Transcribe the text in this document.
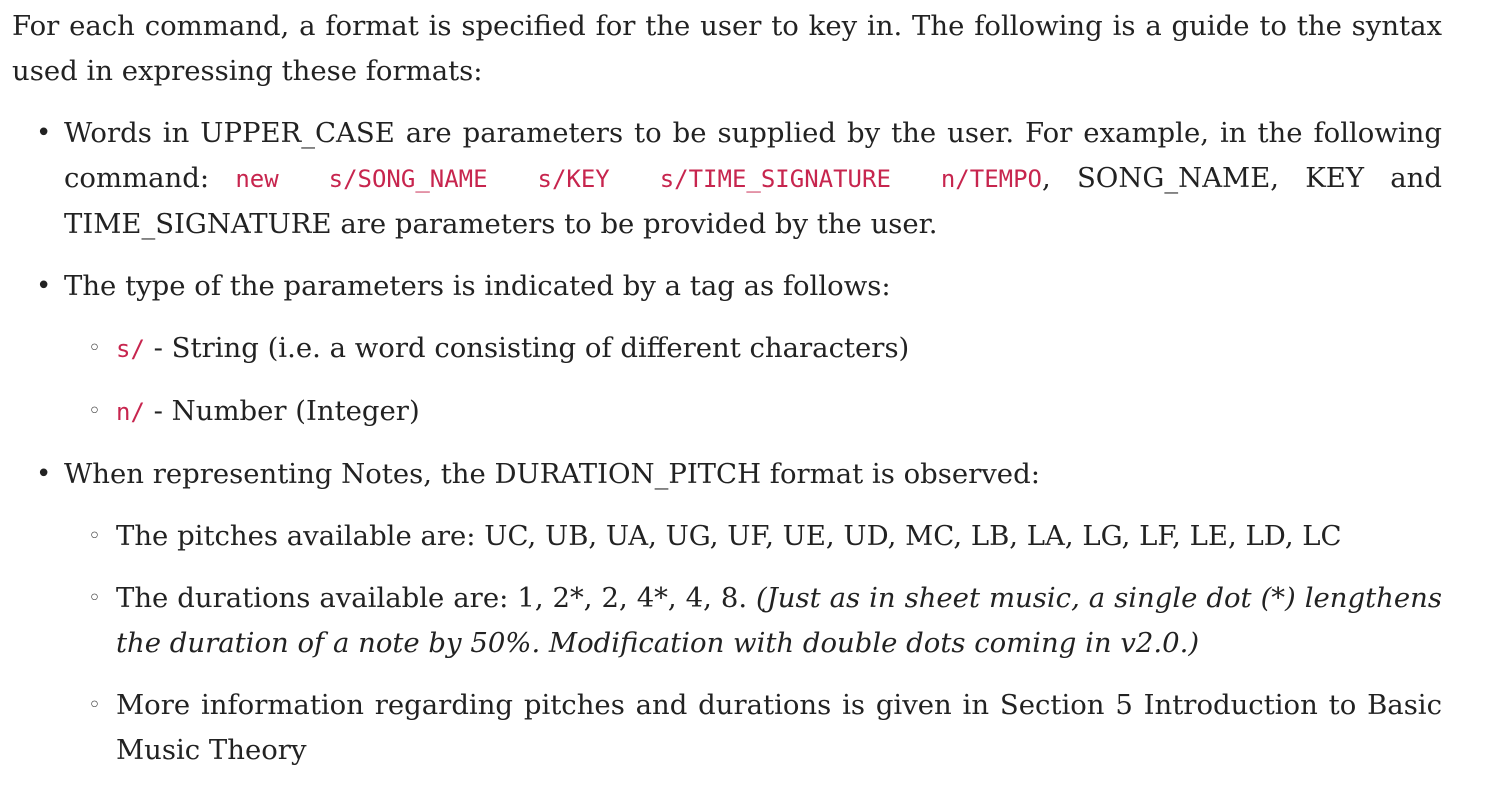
For each command, a format is specified for the user to key in. The following is a guide to the syntax used in expressing these formats:

• Words in UPPER_CASE are parameters to be supplied by the user. For example, in the following command: new s/SONG_NAME s/KEY s/TIME_SIGNATURE n/TEMPO, SONG_NAME, KEY and TIME_SIGNATURE are parameters to be provided by the user.
• The type of the parameters is indicated by a tag as follows:
◦ s/ - String (i.e. a word consisting of different characters)
◦ n/ - Number (Integer)
• When representing Notes, the DURATION_PITCH format is observed:
◦ The pitches available are: UC, UB, UA, UG, UF, UE, UD, MC, LB, LA, LG, LF, LE, LD, LC
◦ The durations available are: 1, 2*, 2, 4*, 4, 8. (Just as in sheet music, a single dot (*) lengthens the duration of a note by 50%. Modification with double dots coming in v2.0.)
◦ More information regarding pitches and durations is given in Section 5 Introduction to Basic Music Theory
